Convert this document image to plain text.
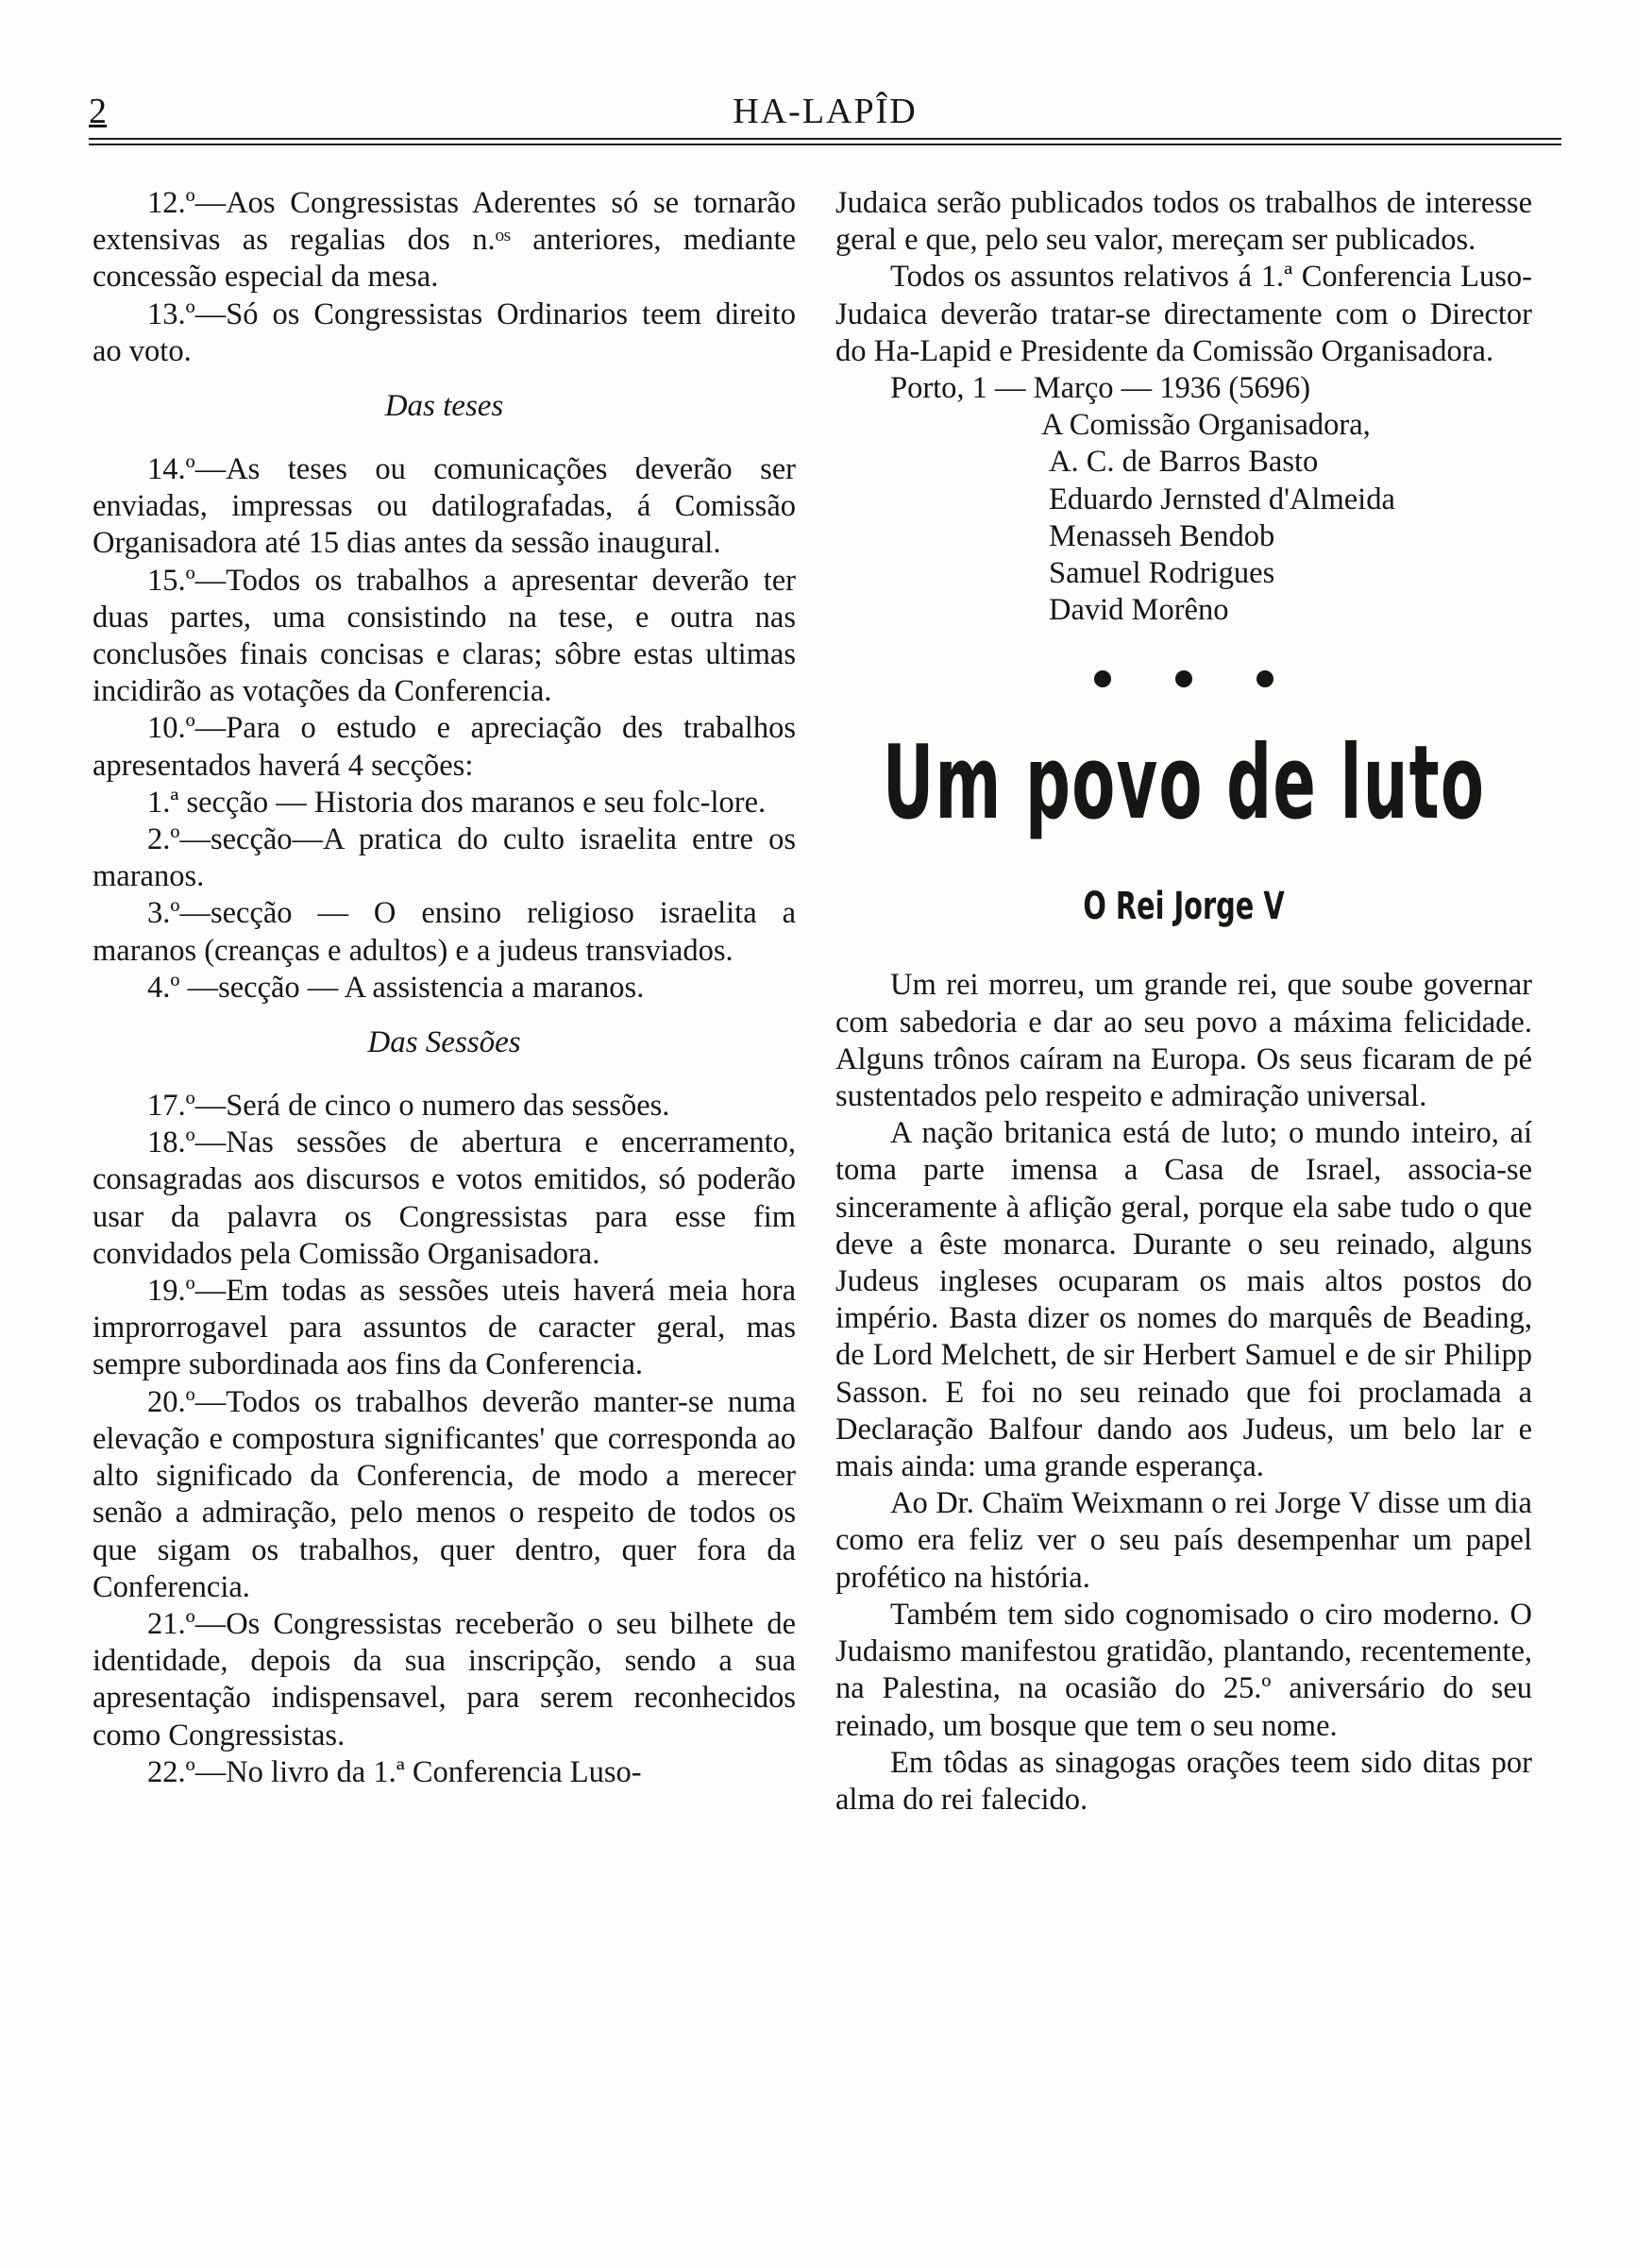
2	HA-LAPÎD

12.º—Aos Congressistas Aderentes só se tornarão extensivas as regalias dos n.ᵒˢ anteriores, mediante concessão especial da mesa.

13.º—Só os Congressistas Ordinarios teem direito ao voto.

Das teses

14.º—As teses ou comunicações deverão ser enviadas, impressas ou datilografadas, á Comissão Organisadora até 15 dias antes da sessão inaugural.

15.º—Todos os trabalhos a apresentar deverão ter duas partes, uma consistindo na tese, e outra nas conclusões finais concisas e claras; sôbre estas ultimas incidirão as votações da Conferencia.

10.º—Para o estudo e apreciação des trabalhos apresentados haverá 4 secções:

1.ª secção — Historia dos maranos e seu folc-lore.

2.º—secção—A pratica do culto israelita entre os maranos.

3.º—secção — O ensino religioso israelita a maranos (creanças e adultos) e a judeus transviados.

4.º —secção — A assistencia a maranos.

Das Sessões

17.º—Será de cinco o numero das sessões.

18.º—Nas sessões de abertura e encerramento, consagradas aos discursos e votos emitidos, só poderão usar da palavra os Congressistas para esse fim convidados pela Comissão Organisadora.

19.º—Em todas as sessões uteis haverá meia hora improrrogavel para assuntos de caracter geral, mas sempre subordinada aos fins da Conferencia.

20.º—Todos os trabalhos deverão manter-se numa elevação e compostura significantes' que corresponda ao alto significado da Conferencia, de modo a merecer senão a admiração, pelo menos o respeito de todos os que sigam os trabalhos, quer dentro, quer fora da Conferencia.

21.º—Os Congressistas receberão o seu bilhete de identidade, depois da sua inscripção, sendo a sua apresentação indispensavel, para serem reconhecidos como Congressistas.

22.º—No livro da 1.ª Conferencia Luso-

Judaica serão publicados todos os trabalhos de interesse geral e que, pelo seu valor, mereçam ser publicados.

Todos os assuntos relativos á 1.ª Conferencia Luso-Judaica deverão tratar-se directamente com o Director do Ha-Lapid e Presidente da Comissão Organisadora.

Porto, 1 — Março — 1936 (5696)

A Comissão Organisadora,

A. C. de Barros Basto

Eduardo Jernsted d'Almeida

Menasseh Bendob

Samuel Rodrigues

David Morêno

Um povo de luto
O Rei Jorge V

Um rei morreu, um grande rei, que soube governar com sabedoria e dar ao seu povo a máxima felicidade. Alguns trônos caíram na Europa. Os seus ficaram de pé sustentados pelo respeito e admiração universal.

A nação britanica está de luto; o mundo inteiro, aí toma parte imensa a Casa de Israel, associa-se sinceramente à aflição geral, porque ela sabe tudo o que deve a êste monarca. Durante o seu reinado, alguns Judeus ingleses ocuparam os mais altos postos do império. Basta dizer os nomes do marquês de Beading, de Lord Melchett, de sir Herbert Samuel e de sir Philipp Sasson. E foi no seu reinado que foi proclamada a Declaração Balfour dando aos Judeus, um belo lar e mais ainda: uma grande esperança.

Ao Dr. Chaïm Weixmann o rei Jorge V disse um dia como era feliz ver o seu país desempenhar um papel profético na história.

Também tem sido cognomisado o ciro moderno. O Judaismo manifestou gratidão, plantando, recentemente, na Palestina, na ocasião do 25.º aniversário do seu reinado, um bosque que tem o seu nome.

Em tôdas as sinagogas orações teem sido ditas por alma do rei falecido.
